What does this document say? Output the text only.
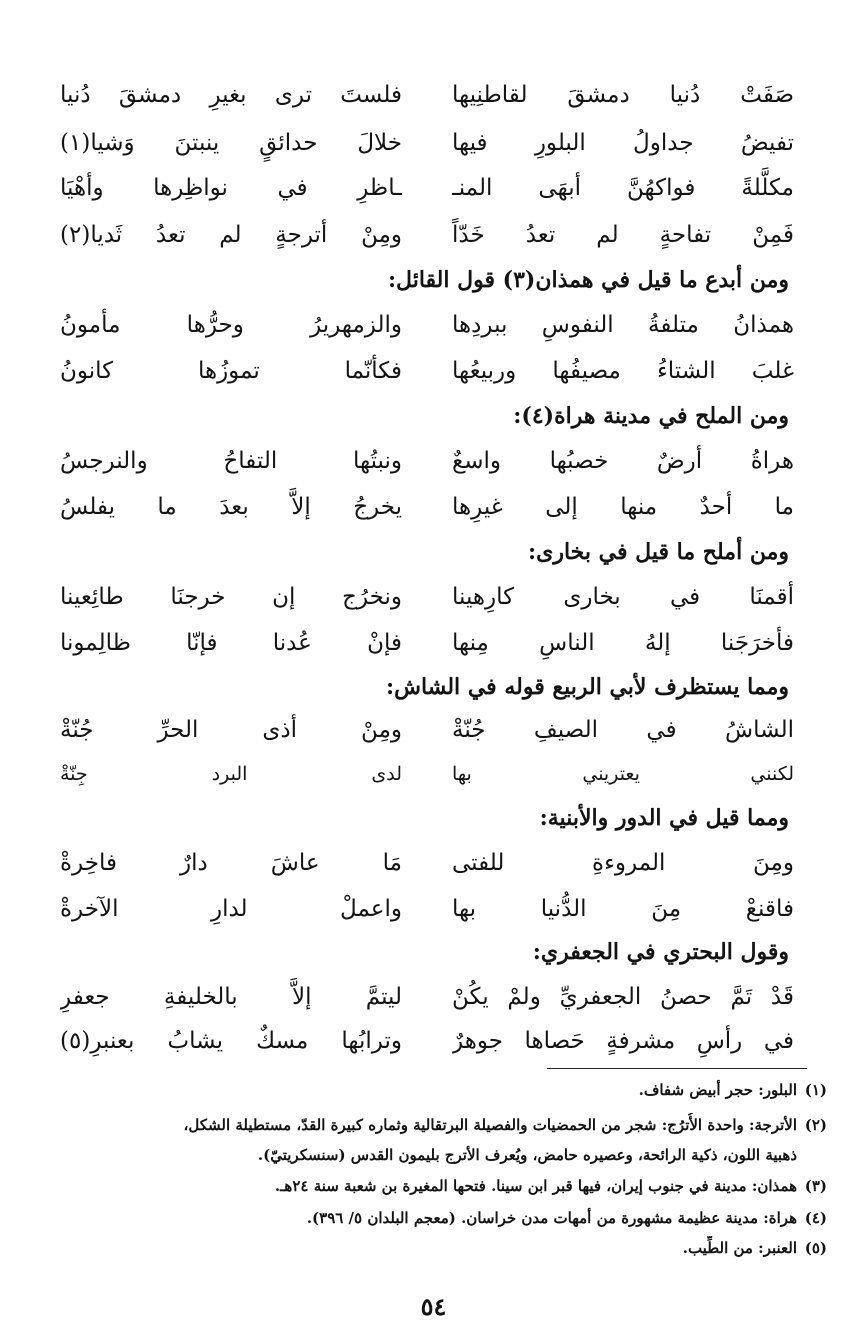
صَفَتْ دُنيا دمشقَ لقاطنِيها
فلستَ ترى بغيرِ دمشقَ دُنيا
تفيضُ جداولُ البلورِ فيها
خلالَ حدائقٍ ينبتنَ وَشيا(١)
مكلَّلةً فواكهُنَّ أبهَى المنـ
ـاظرِ في نواظِرها وأهْيَا
فَمِنْ تفاحةٍ لم تعدُ خَدّاً
ومِنْ أترجةٍ لم تعدُ ثَديا(٢)
ومن أبدع ما قيل في همذان(٣) قول القائل:
همذانُ متلفةُ النفوسِ ببردِها
والزمهريرُ وحرُّها مأمونُ
غلبَ الشتاءُ مصيفُها وربيعُها
فكأنّما تموزُها كانونُ
ومن الملح في مدينة هراة(٤):
هراةُ أرضٌ خصبُها واسعٌ
ونبتُها التفاحُ والنرجسُ
ما أحدٌ منها إلى غيرِها
يخرجُ إلاَّ بعدَ ما يفلسُ
ومن أملح ما قيل في بخارى:
أقمنَا في بخارى كارِهينا
ونخرُج إن خرجنَا طائِعينا
فأخرَجَنا إلهُ الناسِ مِنها
فإنْ عُدنا فإنّا ظالِمونا
ومما يستظرف لأبي الربيع قوله في الشاش:
الشاشُ في الصيفِ جُنّةْ
ومِنْ أذى الحرِّ جُنّةْ
لكنني يعتريني بها
لدى البرد جِنّةْ
ومما قيل في الدور والأبنية:
ومِنَ المروءةِ للفتى
مَا عاشَ دارٌ فاخِرةْ
فاقنعْ مِنَ الدُّنيا بها
واعملْ لدارِ الآخرةْ
وقول البحتري في الجعفري:
قَدْ تَمَّ حصنُ الجعفريِّ ولمْ يكُنْ
ليتمَّ إلاَّ بالخليفةِ جعفرِ
في رأسِ مشرفةٍ حَصاها جوهرٌ
وترابُها مسكٌ يشابُ بعنبرِ(٥)
(١)البلور: حجر أبيض شفاف.
(٢)الأترجة: واحدة الأُترُج: شجر من الحمضيات والفصيلة البرتقالية وثماره كبيرة القدّ، مستطيلة الشكل،
ذهبية اللون، ذكية الرائحة، وعصيره حامض، ويُعرف الأترج بليمون القدس (سنسكريتيّ).
(٣)همذان: مدينة في جنوب إيران، فيها قبر ابن سينا. فتحها المغيرة بن شعبة سنة ٢٤هـ.
(٤)هراة: مدينة عظيمة مشهورة من أمهات مدن خراسان. (معجم البلدان ٥/ ٣٩٦).
(٥)العنبر: من الطِّيب.
٥٤
